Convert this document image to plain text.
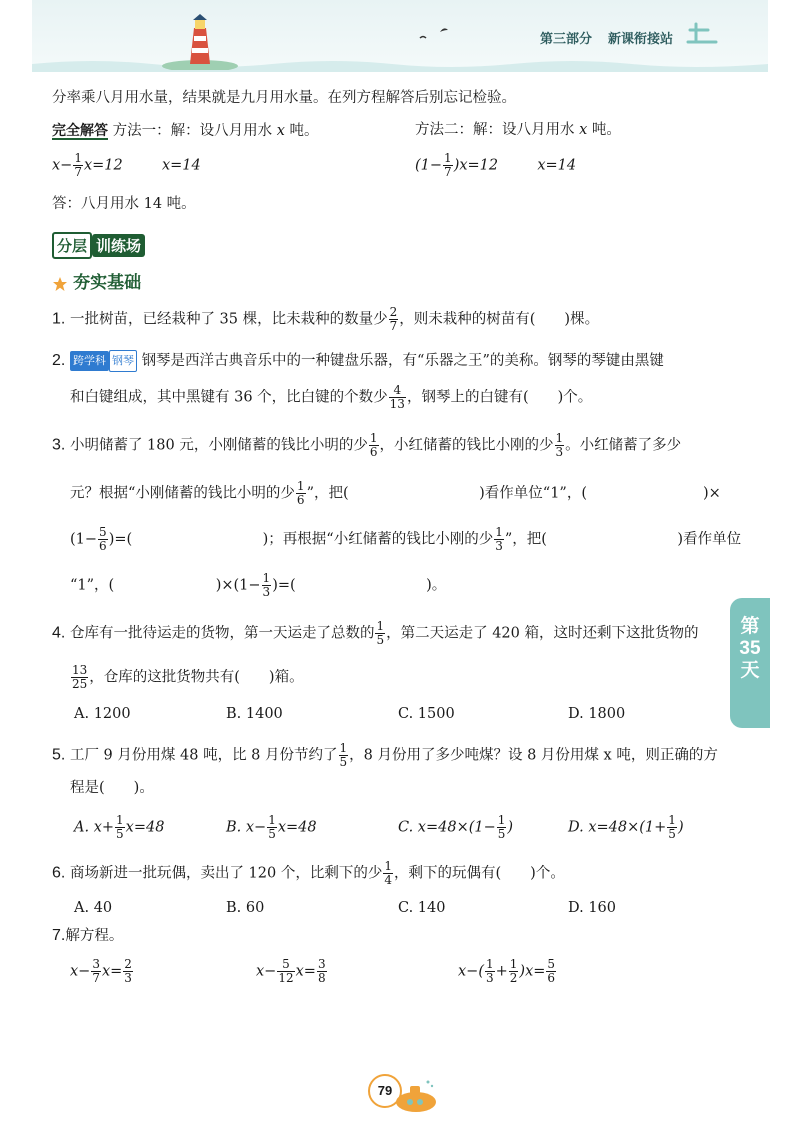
第三部分 新课衔接站
分率乘八月用水量，结果就是九月用水量。在列方程解答后别忘记检验。
完全解答 方法一：解：设八月用水 x 吨。	方法二：解：设八月用水 x 吨。
$x- \frac{1}{7} x=12$	x=14	$(1- \frac{1}{7} )x=12$	x=14
答：八月用水 14 吨。
分层 训练场
夯实基础
1. 一批树苗，已经栽种了 35 棵，比未栽种的数量少 $\frac{2}{7}$ ，则未栽种的树苗有(　　)棵。
2. 跨学科 钢琴 钢琴是西洋古典音乐中的一种键盘乐器，有“乐器之王”的美称。钢琴的琴键由黑键
和白键组成，其中黑键有 36 个，比白键的个数少 $\frac{4}{13}$ ，钢琴上的白键有(　　)个。
3. 小明储蓄了 180 元，小刚储蓄的钱比小明的少 $\frac{1}{6}$ ，小红储蓄的钱比小刚的少 $\frac{1}{3}$ 。小红储蓄了多少
元？根据“小刚储蓄的钱比小明的少 $\frac{1}{6}$ ”，把(　　　　　　　　　)看作单位“1”，(　　　　　　　　)×
($1- \frac{5}{6}$ )=(　　　　　　　　　)；再根据“小红储蓄的钱比小刚的少 $\frac{1}{3}$ ”，把(　　　　　　　　　)看作单位
“1”，(　　　　　　　)$\times(1- \frac{1}{3}$ )=(　　　　　　　　　)。
4. 仓库有一批待运走的货物，第一天运走了总数的 $\frac{1}{5}$ ，第二天运走了 420 箱，这时还剩下这批货物的
$\frac{13}{25}$ ，仓库的这批货物共有(　　)箱。
A. 1200	B. 1400	C. 1500	D. 1800
5. 工厂 9 月份用煤 48 吨，比 8 月份节约了 $\frac{1}{5}$ ，8 月份用了多少吨煤？设 8 月份用煤 x 吨，则正确的方
程是(　　)。
A. $x+ \frac{1}{5} x=48$	B. $x- \frac{1}{5} x=48$	C. $x=48\times(1- \frac{1}{5}$ )	D. $x=48\times(1+ \frac{1}{5}$ )
6. 商场新进一批玩偶，卖出了 120 个，比剩下的少 $\frac{1}{4}$ ，剩下的玩偶有(　　)个。
A. 40	B. 60	C. 140	D. 160
7.解方程。
$x- \frac{3}{7} x= \frac{2}{3}$	$x- \frac{5}{12} x= \frac{3}{8}$	$x-( \frac{1}{3} + \frac{1}{2} )x= \frac{5}{6}$
第
35
天
79
